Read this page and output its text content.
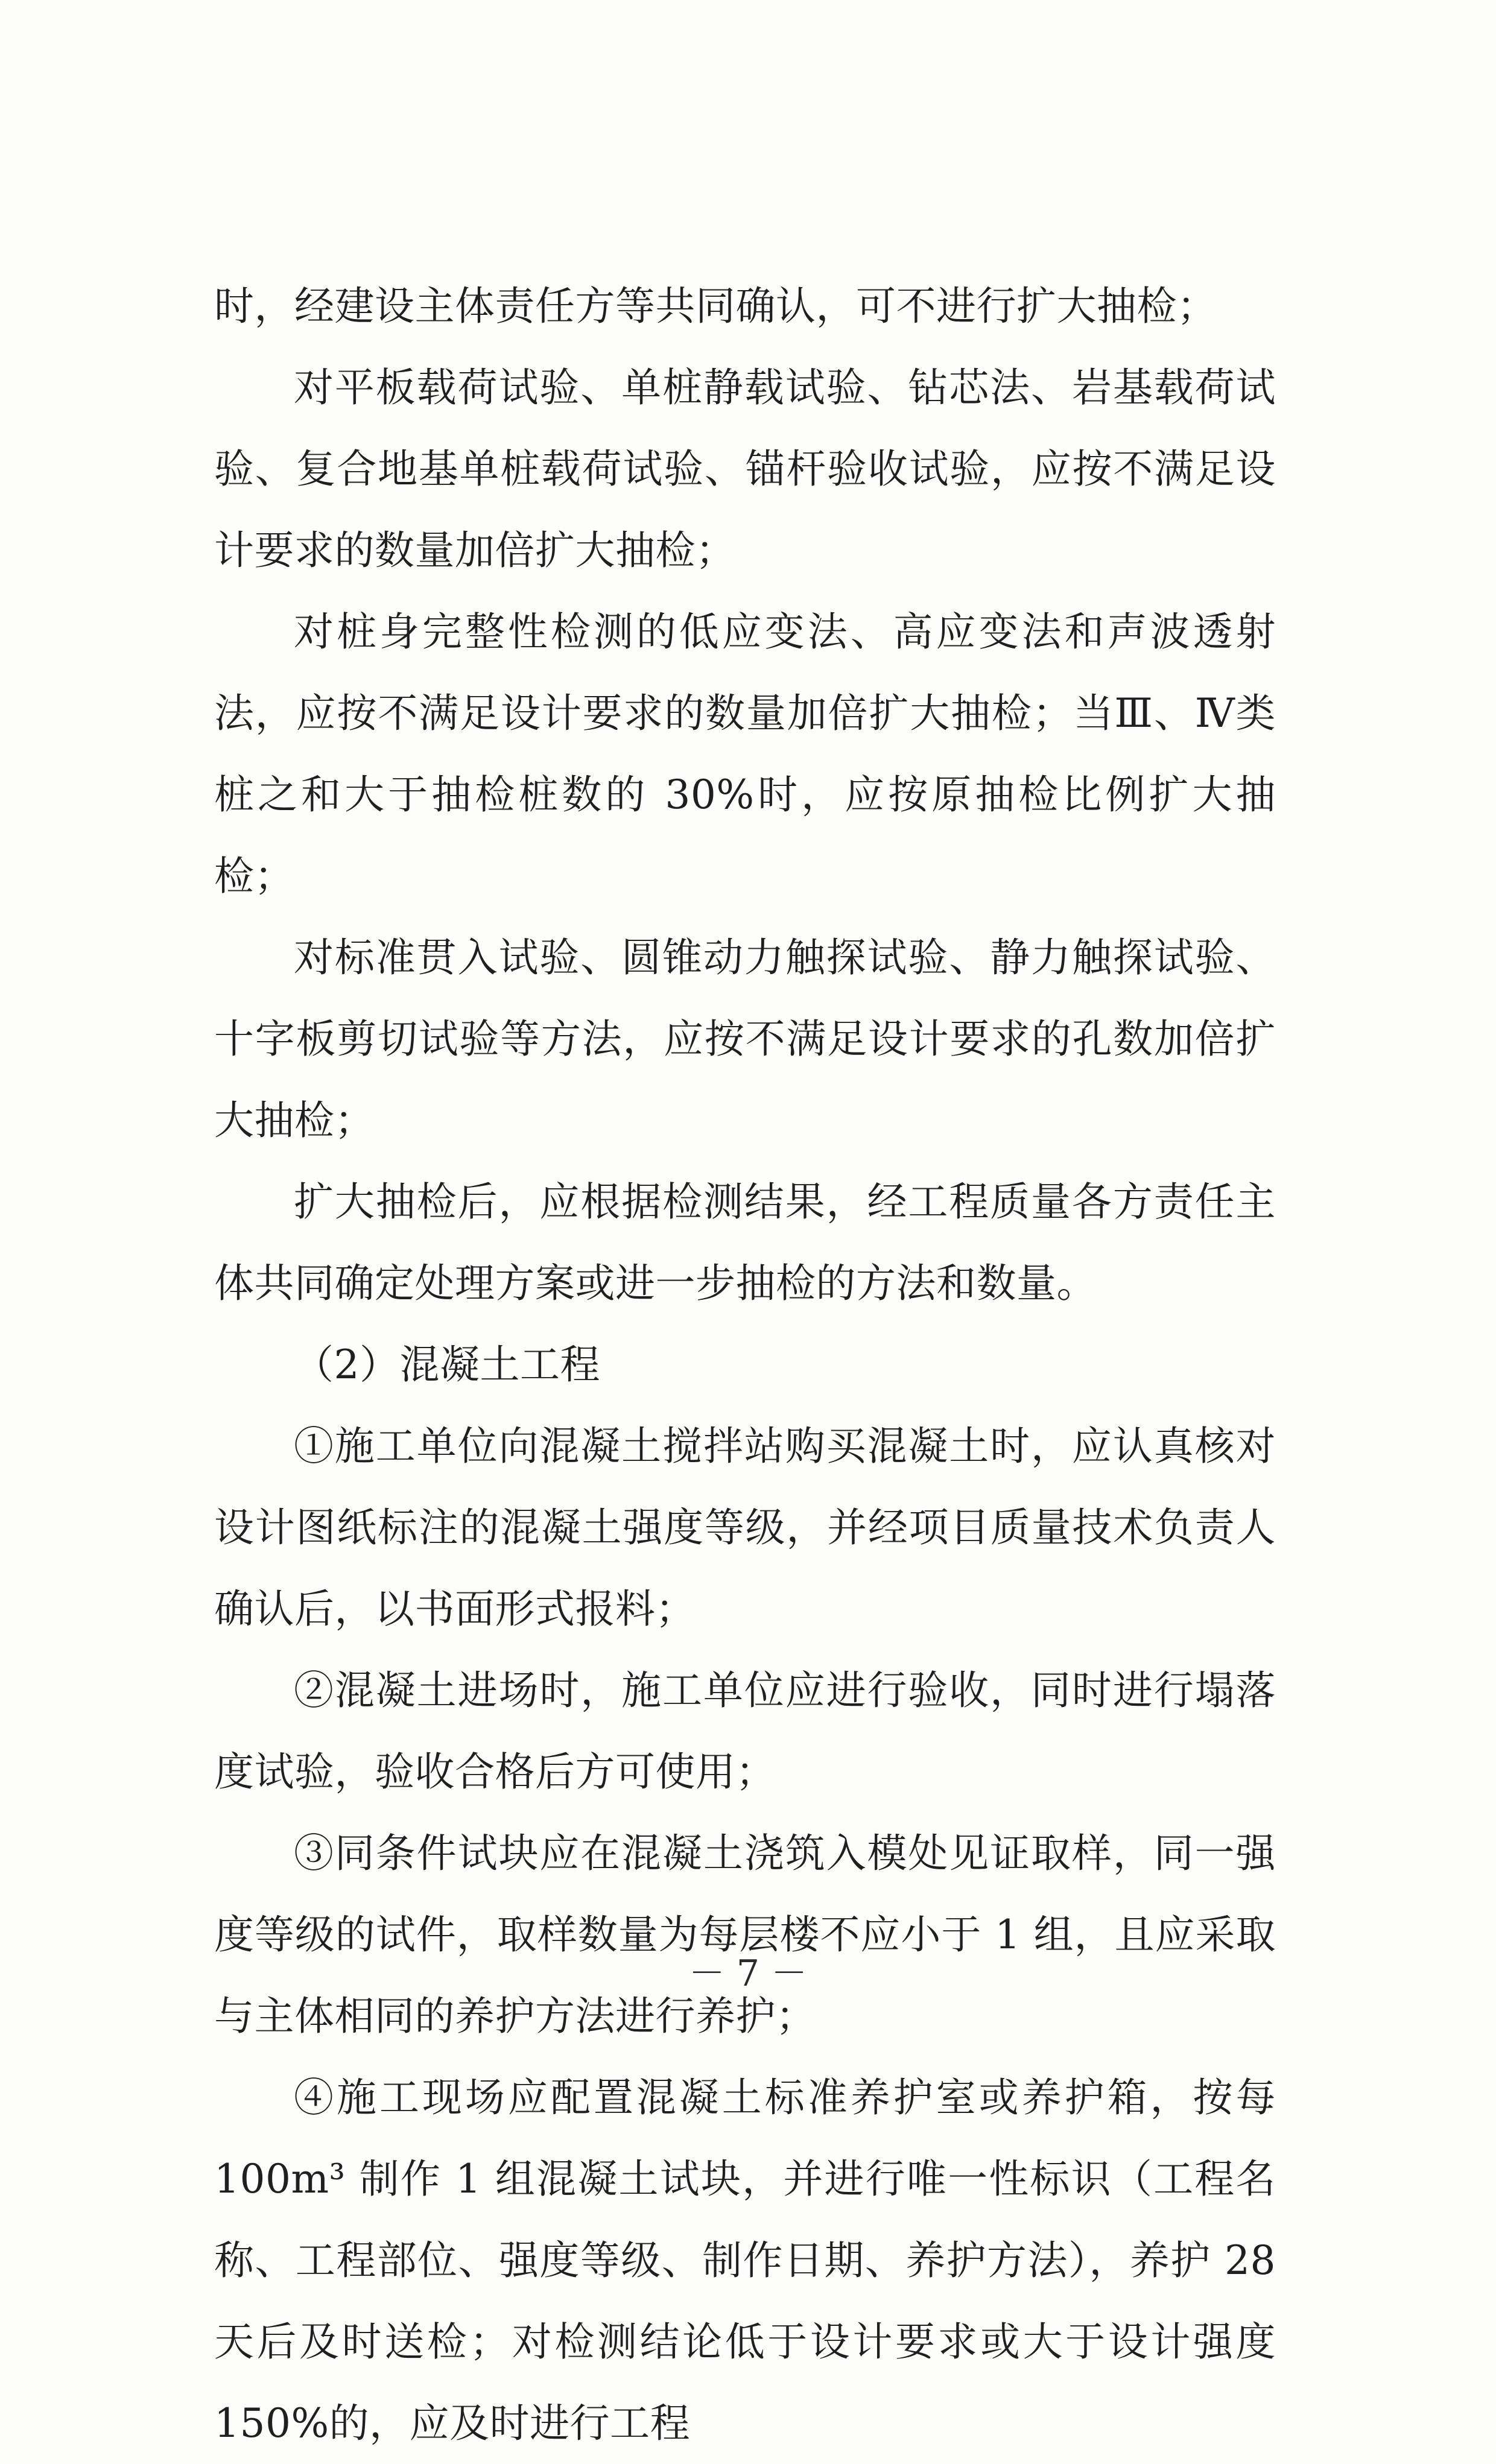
时，经建设主体责任方等共同确认，可不进行扩大抽检；

对平板载荷试验、单桩静载试验、钻芯法、岩基载荷试验、复合地基单桩载荷试验、锚杆验收试验，应按不满足设计要求的数量加倍扩大抽检；

对桩身完整性检测的低应变法、高应变法和声波透射法，应按不满足设计要求的数量加倍扩大抽检；当Ⅲ、Ⅳ类桩之和大于抽检桩数的 30%时，应按原抽检比例扩大抽检；

对标准贯入试验、圆锥动力触探试验、静力触探试验、十字板剪切试验等方法，应按不满足设计要求的孔数加倍扩大抽检；

扩大抽检后，应根据检测结果，经工程质量各方责任主体共同确定处理方案或进一步抽检的方法和数量。

（2）混凝土工程

①施工单位向混凝土搅拌站购买混凝土时，应认真核对设计图纸标注的混凝土强度等级，并经项目质量技术负责人确认后，以书面形式报料；

②混凝土进场时，施工单位应进行验收，同时进行塌落度试验，验收合格后方可使用；

③同条件试块应在混凝土浇筑入模处见证取样，同一强度等级的试件，取样数量为每层楼不应小于 1 组，且应采取与主体相同的养护方法进行养护；

④施工现场应配置混凝土标准养护室或养护箱，按每 100m³ 制作 1 组混凝土试块，并进行唯一性标识（工程名称、工程部位、强度等级、制作日期、养护方法），养护 28 天后及时送检；对检测结论低于设计要求或大于设计强度 150%的，应及时进行工程

－ 7 －
